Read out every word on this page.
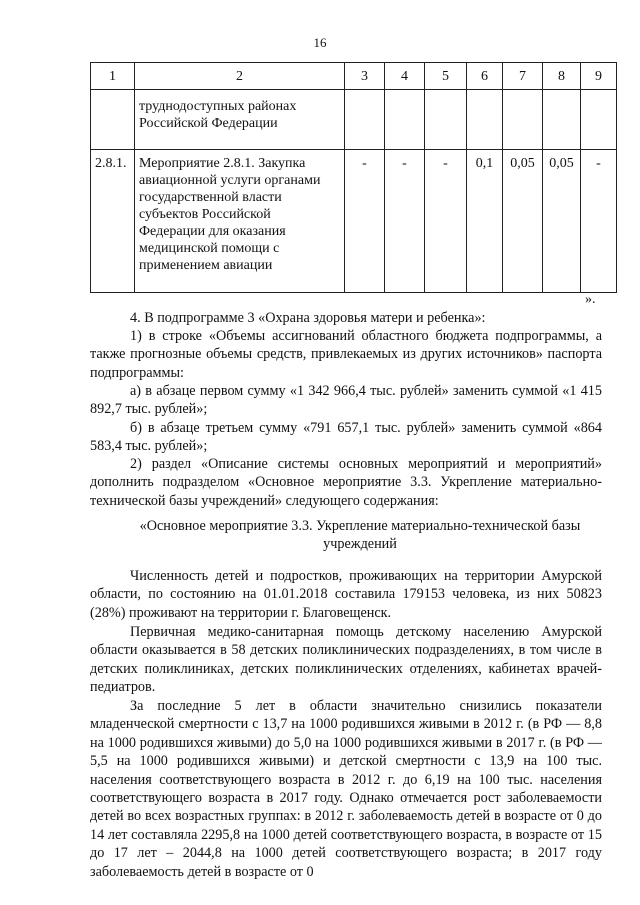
16
1	2	3	4	5	6	7	8	9
	труднодоступных районах Российской Федерации							
2.8.1.	Мероприятие 2.8.1. Закупка авиационной услуги органами государственной власти субъектов Российской Федерации для оказания медицинской помощи с применением авиации	-	-	-	0,1	0,05	0,05	-
».

4. В подпрограмме 3 «Охрана здоровья матери и ребенка»:

1) в строке «Объемы ассигнований областного бюджета подпрограммы, а также прогнозные объемы средств, привлекаемых из других источников» паспорта подпрограммы:

а) в абзаце первом сумму «1 342 966,4 тыс. рублей» заменить суммой «1 415 892,7 тыс. рублей»;

б) в абзаце третьем сумму «791 657,1 тыс. рублей» заменить суммой «864 583,4 тыс. рублей»;

2) раздел «Описание системы основных мероприятий и мероприятий» дополнить подразделом «Основное мероприятие 3.3. Укрепление материально-технической базы учреждений» следующего содержания:

«Основное мероприятие 3.3. Укрепление материально-технической базы учреждений

Численность детей и подростков, проживающих на территории Амурской области, по состоянию на 01.01.2018 составила 179153 человека, из них 50823 (28%) проживают на территории г. Благовещенск.

Первичная медико-санитарная помощь детскому населению Амурской области оказывается в 58 детских поликлинических подразделениях, в том числе в детских поликлиниках, детских поликлинических отделениях, кабинетах врачей-педиатров.

За последние 5 лет в области значительно снизились показатели младенческой смертности с 13,7 на 1000 родившихся живыми в 2012 г. (в РФ — 8,8 на 1000 родившихся живыми) до 5,0 на 1000 родившихся живыми в 2017 г. (в РФ — 5,5 на 1000 родившихся живыми) и детской смертности с 13,9 на 100 тыс. населения соответствующего возраста в 2012 г. до 6,19 на 100 тыс. населения соответствующего возраста в 2017 году. Однако отмечается рост заболеваемости детей во всех возрастных группах: в 2012 г. заболеваемость детей в возрасте от 0 до 14 лет составляла 2295,8 на 1000 детей соответствующего возраста, в возрасте от 15 до 17 лет – 2044,8 на 1000 детей соответствующего возраста; в 2017 году заболеваемость детей в возрасте от 0
